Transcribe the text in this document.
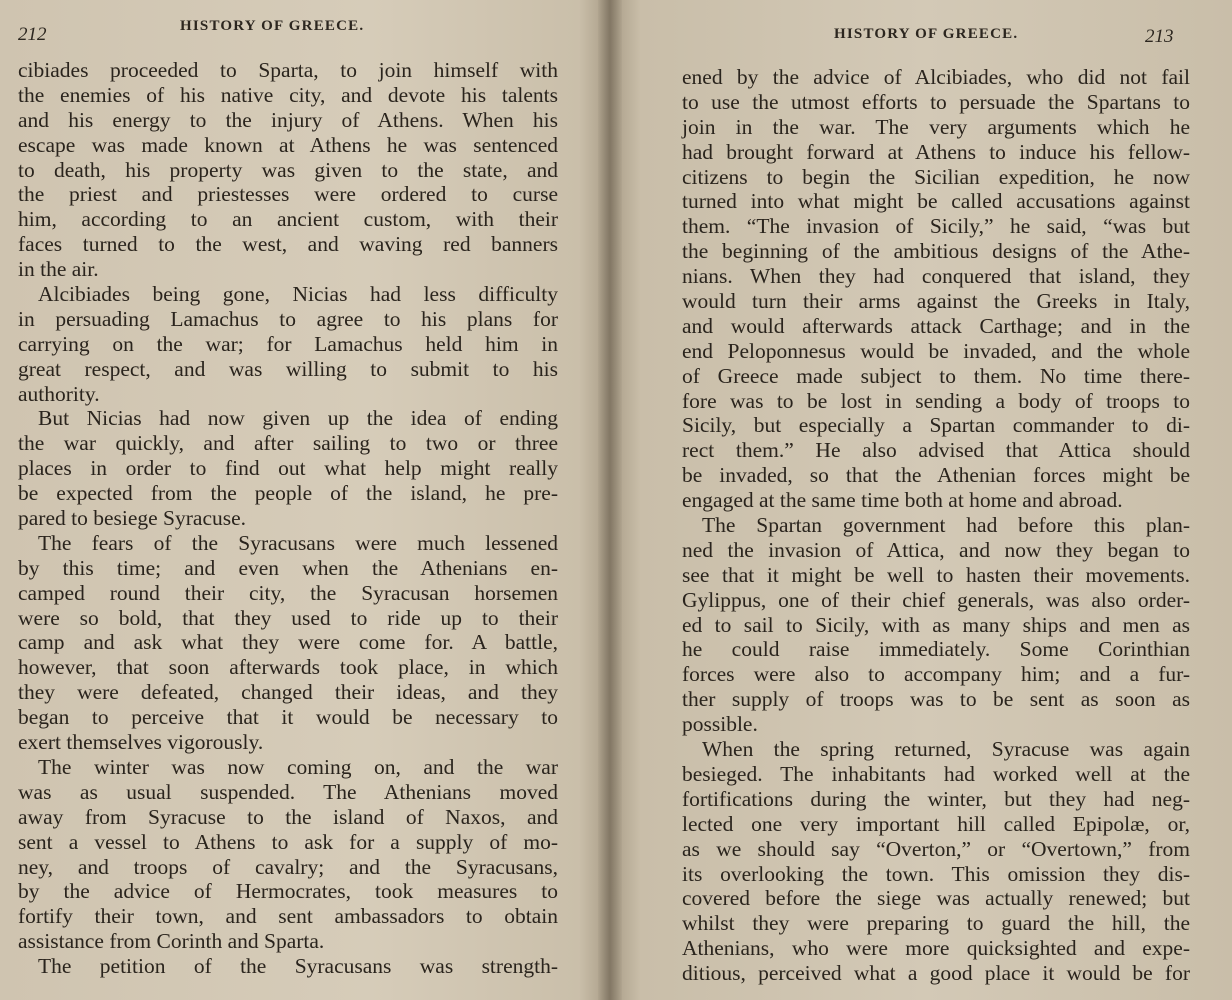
212	HISTORY OF GREECE.
cibiades proceeded to Sparta, to join himself with
the enemies of his native city, and devote his talents
and his energy to the injury of Athens. When his
escape was made known at Athens he was sentenced
to death, his property was given to the state, and
the priest and priestesses were ordered to curse
him, according to an ancient custom, with their
faces turned to the west, and waving red banners
in the air.
Alcibiades being gone, Nicias had less difficulty
in persuading Lamachus to agree to his plans for
carrying on the war; for Lamachus held him in
great respect, and was willing to submit to his
authority.
But Nicias had now given up the idea of ending
the war quickly, and after sailing to two or three
places in order to find out what help might really
be expected from the people of the island, he pre-
pared to besiege Syracuse.
The fears of the Syracusans were much lessened
by this time; and even when the Athenians en-
camped round their city, the Syracusan horsemen
were so bold, that they used to ride up to their
camp and ask what they were come for. A battle,
however, that soon afterwards took place, in which
they were defeated, changed their ideas, and they
began to perceive that it would be necessary to
exert themselves vigorously.
The winter was now coming on, and the war
was as usual suspended. The Athenians moved
away from Syracuse to the island of Naxos, and
sent a vessel to Athens to ask for a supply of mo-
ney, and troops of cavalry; and the Syracusans,
by the advice of Hermocrates, took measures to
fortify their town, and sent ambassadors to obtain
assistance from Corinth and Sparta.
The petition of the Syracusans was strength-
HISTORY OF GREECE.	213
ened by the advice of Alcibiades, who did not fail
to use the utmost efforts to persuade the Spartans to
join in the war. The very arguments which he
had brought forward at Athens to induce his fellow-
citizens to begin the Sicilian expedition, he now
turned into what might be called accusations against
them. “The invasion of Sicily,” he said, “was but
the beginning of the ambitious designs of the Athe-
nians. When they had conquered that island, they
would turn their arms against the Greeks in Italy,
and would afterwards attack Carthage; and in the
end Peloponnesus would be invaded, and the whole
of Greece made subject to them. No time there-
fore was to be lost in sending a body of troops to
Sicily, but especially a Spartan commander to di-
rect them.” He also advised that Attica should
be invaded, so that the Athenian forces might be
engaged at the same time both at home and abroad.
The Spartan government had before this plan-
ned the invasion of Attica, and now they began to
see that it might be well to hasten their movements.
Gylippus, one of their chief generals, was also order-
ed to sail to Sicily, with as many ships and men as
he could raise immediately. Some Corinthian
forces were also to accompany him; and a fur-
ther supply of troops was to be sent as soon as
possible.
When the spring returned, Syracuse was again
besieged. The inhabitants had worked well at the
fortifications during the winter, but they had neg-
lected one very important hill called Epipolæ, or,
as we should say “Overton,” or “Overtown,” from
its overlooking the town. This omission they dis-
covered before the siege was actually renewed; but
whilst they were preparing to guard the hill, the
Athenians, who were more quicksighted and expe-
ditious, perceived what a good place it would be for
